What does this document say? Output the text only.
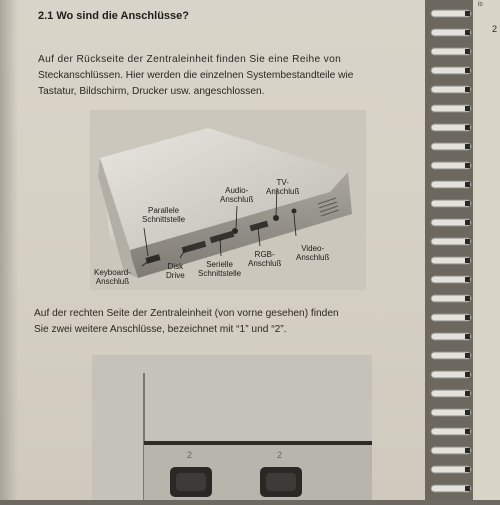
2.1 Wo sind die Anschlüsse?
Auf der Rückseite der Zentraleinheit finden Sie eine Reihe von
Steckanschlüssen. Hier werden die einzelnen Systembestandteile wie
Tastatur, Bildschirm, Drucker usw. angeschlossen.
Parallele
Schnittstelle
Audio-
Anschluß
TV-
Anschluß
Keyboard-
Anschluß
Disk
Drive
Serielle
Schnittstelle
RGB-
Anschluß
Video-
Anschluß
Auf der rechten Seite der Zentraleinheit (von vorne gesehen) finden
Sie zwei weitere Anschlüsse, bezeichnet mit “1” und “2”.
2	2
lb
2
